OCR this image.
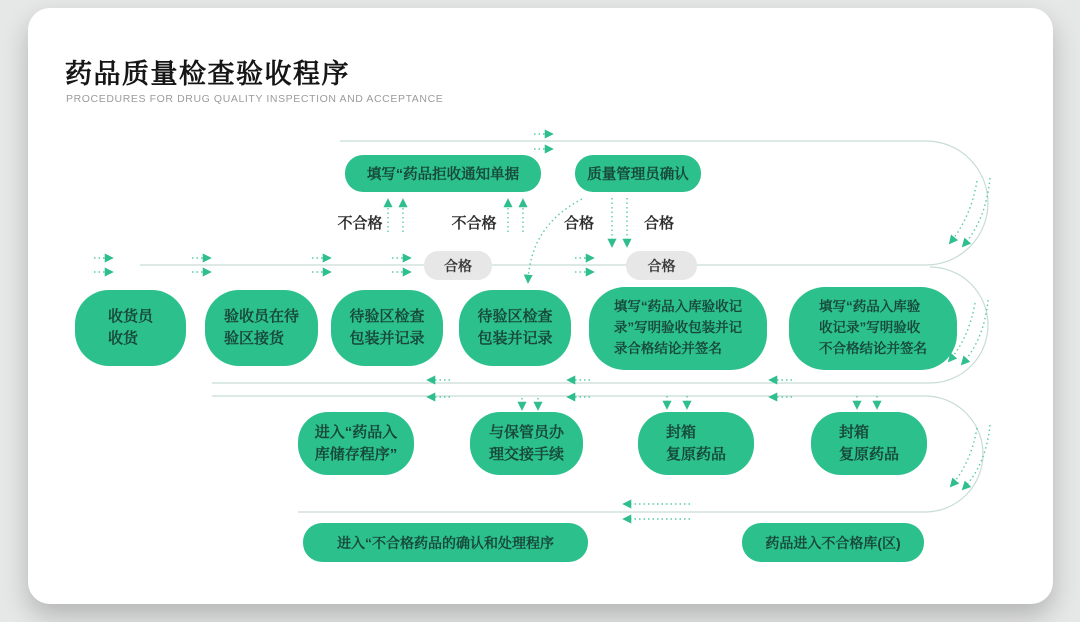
药品质量检查验收程序
PROCEDURES FOR DRUG QUALITY INSPECTION AND ACCEPTANCE
填写“药品拒收通知单据	质量管理员确认
不合格	不合格	合格	合格
合格	合格
收货员
收货
验收员在待
验区接货
待验区检查
包装并记录
待验区检查
包装并记录
填写“药品入库验收记
录”写明验收包装并记
录合格结论并签名
填写“药品入库验
收记录”写明验收
不合格结论并签名
进入“药品入
库储存程序”
与保管员办
理交接手续
封箱
复原药品
封箱
复原药品
进入“不合格药品的确认和处理程序	药品进入不合格库(区)
